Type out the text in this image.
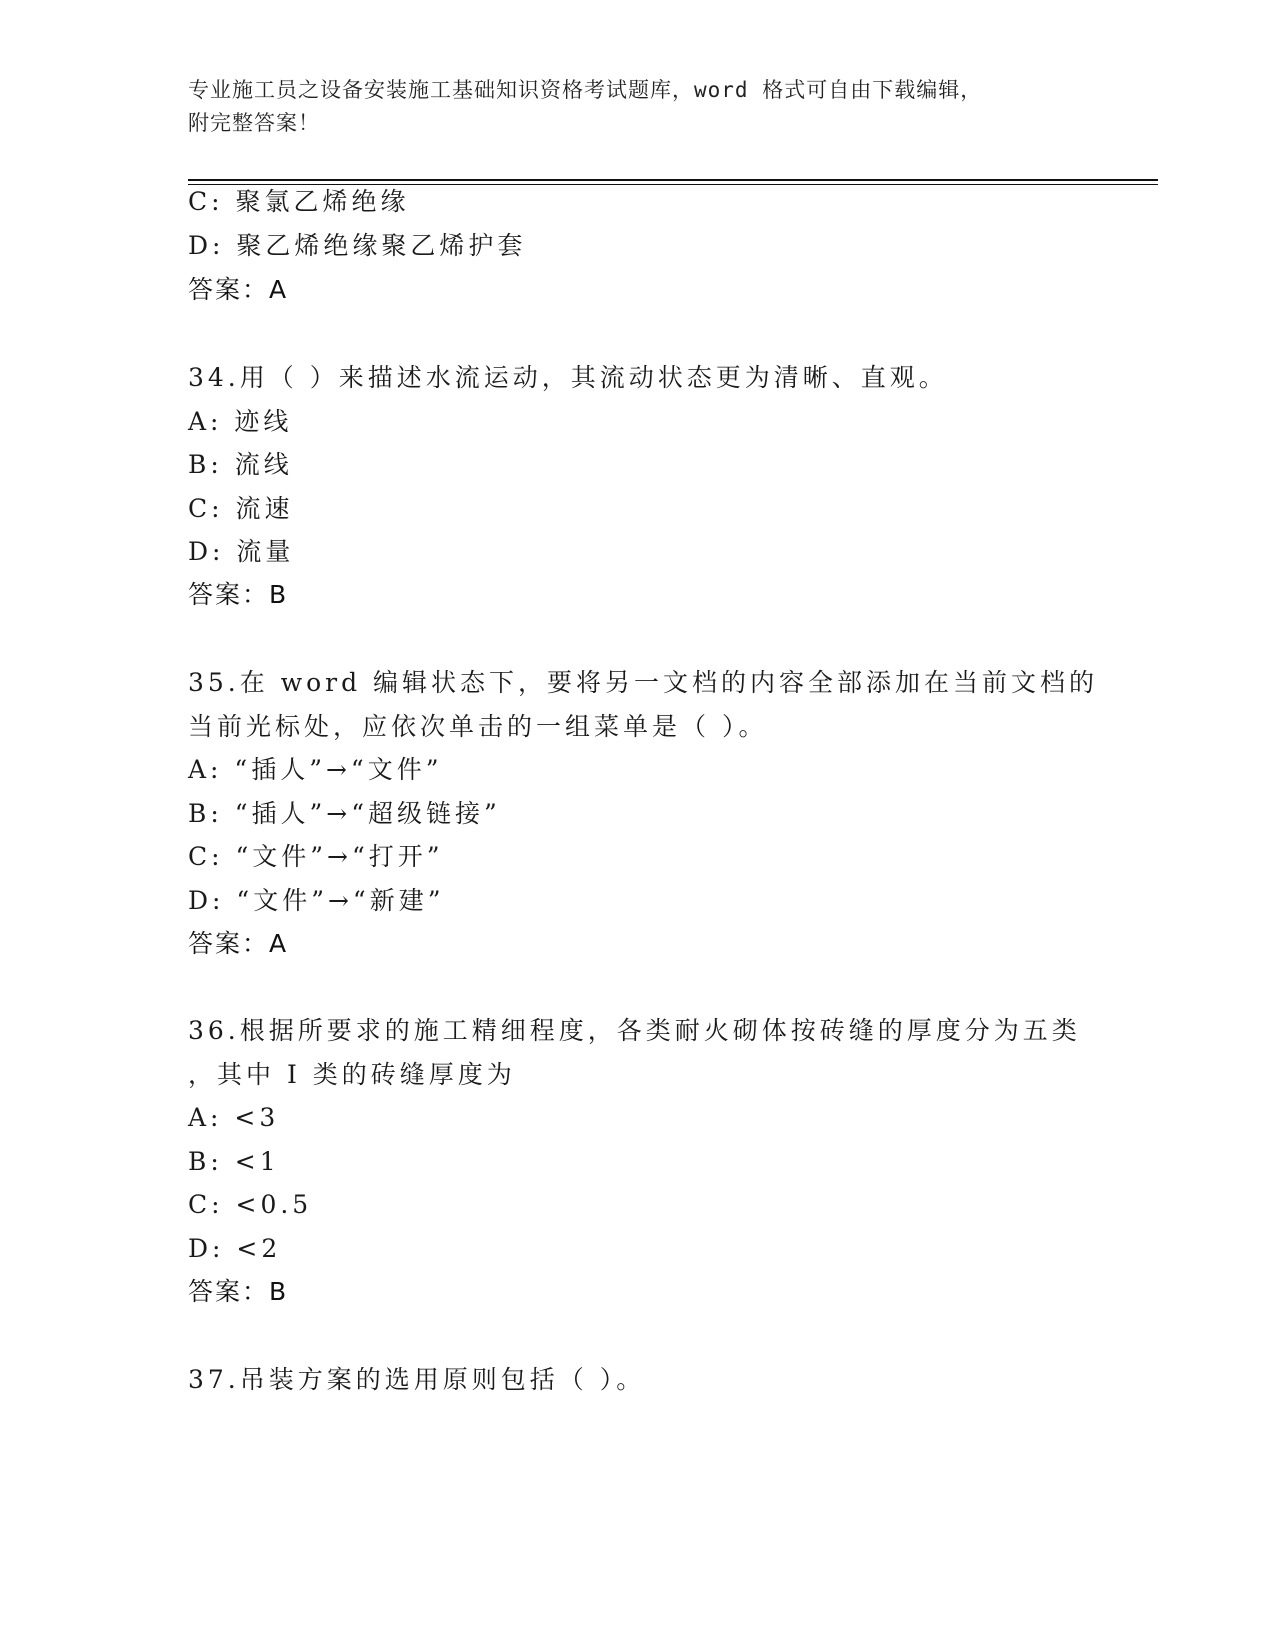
专业施工员之设备安装施工基础知识资格考试题库，word 格式可自由下载编辑，
附完整答案！
C: 聚氯乙烯绝缘
D: 聚乙烯绝缘聚乙烯护套
答案：A
34.用（ ）来描述水流运动，其流动状态更为清晰、直观。
A: 迹线
B: 流线
C: 流速
D: 流量
答案：B
35.在 word 编辑状态下，要将另一文档的内容全部添加在当前文档的
当前光标处，应依次单击的一组菜单是（ ）。
A: “插人”→“文件”
B: “插人”→“超级链接”
C: “文件”→“打开”
D: “文件”→“新建”
答案：A
36.根据所要求的施工精细程度，各类耐火砌体按砖缝的厚度分为五类
，其中 I 类的砖缝厚度为
A: <3
B: <1
C: <0.5
D: <2
答案：B
37.吊装方案的选用原则包括（ ）。
